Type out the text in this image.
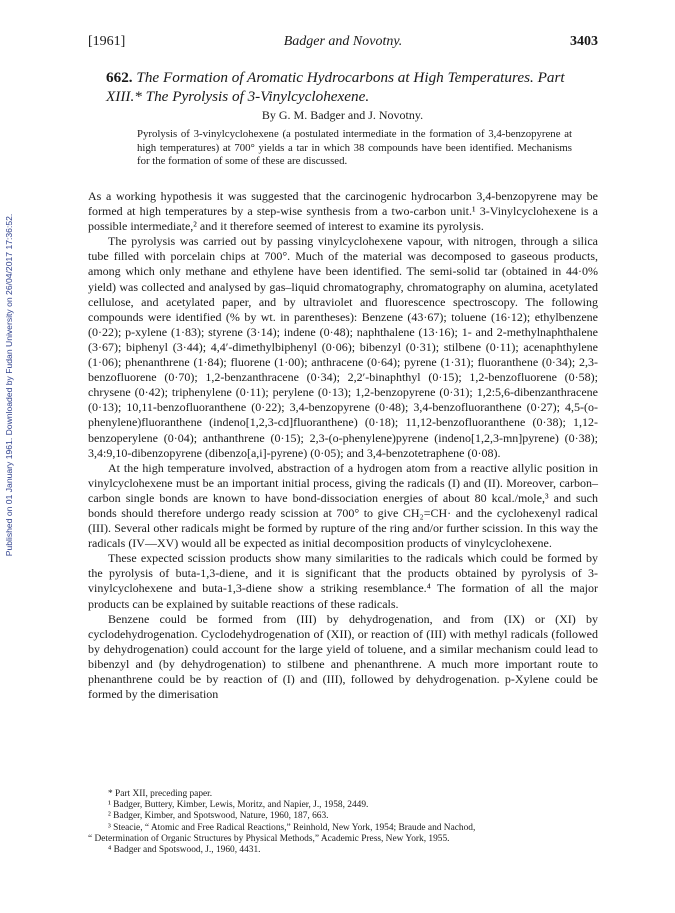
Published on 01 January 1961. Downloaded by Fudan University on 26/04/2017 17:36:52.
[1961]	Badger and Novotny.	3403
662. The Formation of Aromatic Hydrocarbons at High Temperatures. Part XIII.* The Pyrolysis of 3-Vinylcyclohexene.
By G. M. Badger and J. Novotny.

Pyrolysis of 3-vinylcyclohexene (a postulated intermediate in the formation of 3,4-benzopyrene at high temperatures) at 700° yields a tar in which 38 compounds have been identified. Mechanisms for the formation of some of these are discussed.

As a working hypothesis it was suggested that the carcinogenic hydrocarbon 3,4-benzopyrene may be formed at high temperatures by a step-wise synthesis from a two-carbon unit.¹ 3-Vinylcyclohexene is a possible intermediate,² and it therefore seemed of interest to examine its pyrolysis.

The pyrolysis was carried out by passing vinylcyclohexene vapour, with nitrogen, through a silica tube filled with porcelain chips at 700°. Much of the material was decomposed to gaseous products, among which only methane and ethylene have been identified. The semi-solid tar (obtained in 44·0% yield) was collected and analysed by gas–liquid chromatography, chromatography on alumina, acetylated cellulose, and acetylated paper, and by ultraviolet and fluorescence spectroscopy. The following compounds were identified (% by wt. in parentheses): Benzene (43·67); toluene (16·12); ethylbenzene (0·22); p-xylene (1·83); styrene (3·14); indene (0·48); naphthalene (13·16); 1- and 2-methylnaphthalene (3·67); biphenyl (3·44); 4,4′-dimethylbiphenyl (0·06); bibenzyl (0·31); stilbene (0·11); acenaphthylene (1·06); phenanthrene (1·84); fluorene (1·00); anthracene (0·64); pyrene (1·31); fluoranthene (0·34); 2,3-benzofluorene (0·70); 1,2-benzanthracene (0·34); 2,2′-binaphthyl (0·15); 1,2-benzofluorene (0·58); chrysene (0·42); triphenylene (0·11); perylene (0·13); 1,2-benzopyrene (0·31); 1,2:5,6-dibenzanthracene (0·13); 10,11-benzofluoranthene (0·22); 3,4-benzopyrene (0·48); 3,4-benzofluoranthene (0·27); 4,5-(o-phenylene)fluoranthene (indeno[1,2,3-cd]fluoranthene) (0·18); 11,12-benzofluoranthene (0·38); 1,12-benzoperylene (0·04); anthanthrene (0·15); 2,3-(o-phenylene)pyrene (indeno[1,2,3-mn]pyrene) (0·38); 3,4:9,10-dibenzopyrene (dibenzo[a,i]-pyrene) (0·05); and 3,4-benzotetraphene (0·08).

At the high temperature involved, abstraction of a hydrogen atom from a reactive allylic position in vinylcyclohexene must be an important initial process, giving the radicals (I) and (II). Moreover, carbon–carbon single bonds are known to have bond-dissociation energies of about 80 kcal./mole,³ and such bonds should therefore undergo ready scission at 700° to give CH₂=CH· and the cyclohexenyl radical (III). Several other radicals might be formed by rupture of the ring and/or further scission. In this way the radicals (IV—XV) would all be expected as initial decomposition products of vinylcyclohexene.

These expected scission products show many similarities to the radicals which could be formed by the pyrolysis of buta-1,3-diene, and it is significant that the products obtained by pyrolysis of 3-vinylcyclohexene and buta-1,3-diene show a striking resemblance.⁴ The formation of all the major products can be explained by suitable reactions of these radicals.

Benzene could be formed from (III) by dehydrogenation, and from (IX) or (XI) by cyclodehydrogenation. Cyclodehydrogenation of (XII), or reaction of (III) with methyl radicals (followed by dehydrogenation) could account for the large yield of toluene, and a similar mechanism could lead to bibenzyl and (by dehydrogenation) to stilbene and phenanthrene. A much more important route to phenanthrene could be by reaction of (I) and (III), followed by dehydrogenation. p-Xylene could be formed by the dimerisation

* Part XII, preceding paper.
¹ Badger, Buttery, Kimber, Lewis, Moritz, and Napier, J., 1958, 2449.
² Badger, Kimber, and Spotswood, Nature, 1960, 187, 663.
³ Steacie, “ Atomic and Free Radical Reactions,” Reinhold, New York, 1954; Braude and Nachod,
“ Determination of Organic Structures by Physical Methods,” Academic Press, New York, 1955.
⁴ Badger and Spotswood, J., 1960, 4431.
